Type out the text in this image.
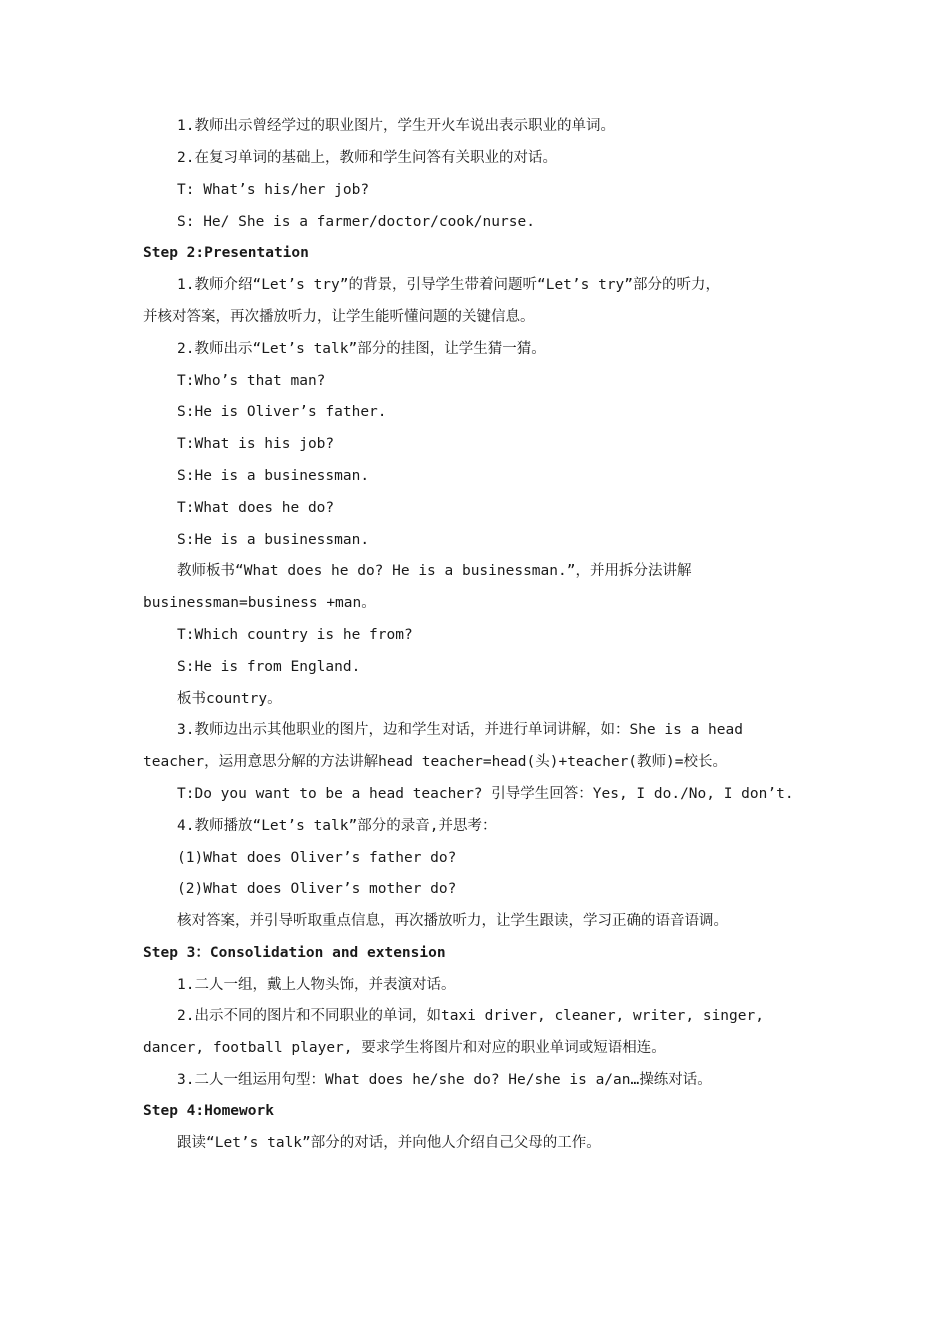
1.教师出示曾经学过的职业图片，学生开火车说出表示职业的单词。
2.在复习单词的基础上，教师和学生问答有关职业的对话。
T: What’s his/her job?
S: He/ She is a farmer/doctor/cook/nurse.
Step 2:Presentation
1.教师介绍“Let’s try”的背景，引导学生带着问题听“Let’s try”部分的听力，
并核对答案，再次播放听力，让学生能听懂问题的关键信息。
2.教师出示“Let’s talk”部分的挂图，让学生猜一猜。
T:Who’s that man?
S:He is Oliver’s father.
T:What is his job?
S:He is a businessman.
T:What does he do?
S:He is a businessman.
教师板书“What does he do? He is a businessman.”，并用拆分法讲解
businessman=business +man。
T:Which country is he from?
S:He is from England.
板书country。
3.教师边出示其他职业的图片，边和学生对话，并进行单词讲解，如：She is a head
teacher，运用意思分解的方法讲解head teacher=head(头)+teacher(教师)=校长。
T:Do you want to be a head teacher? 引导学生回答：Yes, I do./No, I don’t.
4.教师播放“Let’s talk”部分的录音,并思考：
(1)What does Oliver’s father do?
(2)What does Oliver’s mother do?
核对答案，并引导听取重点信息，再次播放听力，让学生跟读，学习正确的语音语调。
Step 3：Consolidation and extension
1.二人一组，戴上人物头饰，并表演对话。
2.出示不同的图片和不同职业的单词，如taxi driver, cleaner, writer, singer,
dancer, football player, 要求学生将图片和对应的职业单词或短语相连。
3.二人一组运用句型：What does he/she do? He/she is a/an…操练对话。
Step 4:Homework
跟读“Let’s talk”部分的对话，并向他人介绍自己父母的工作。
